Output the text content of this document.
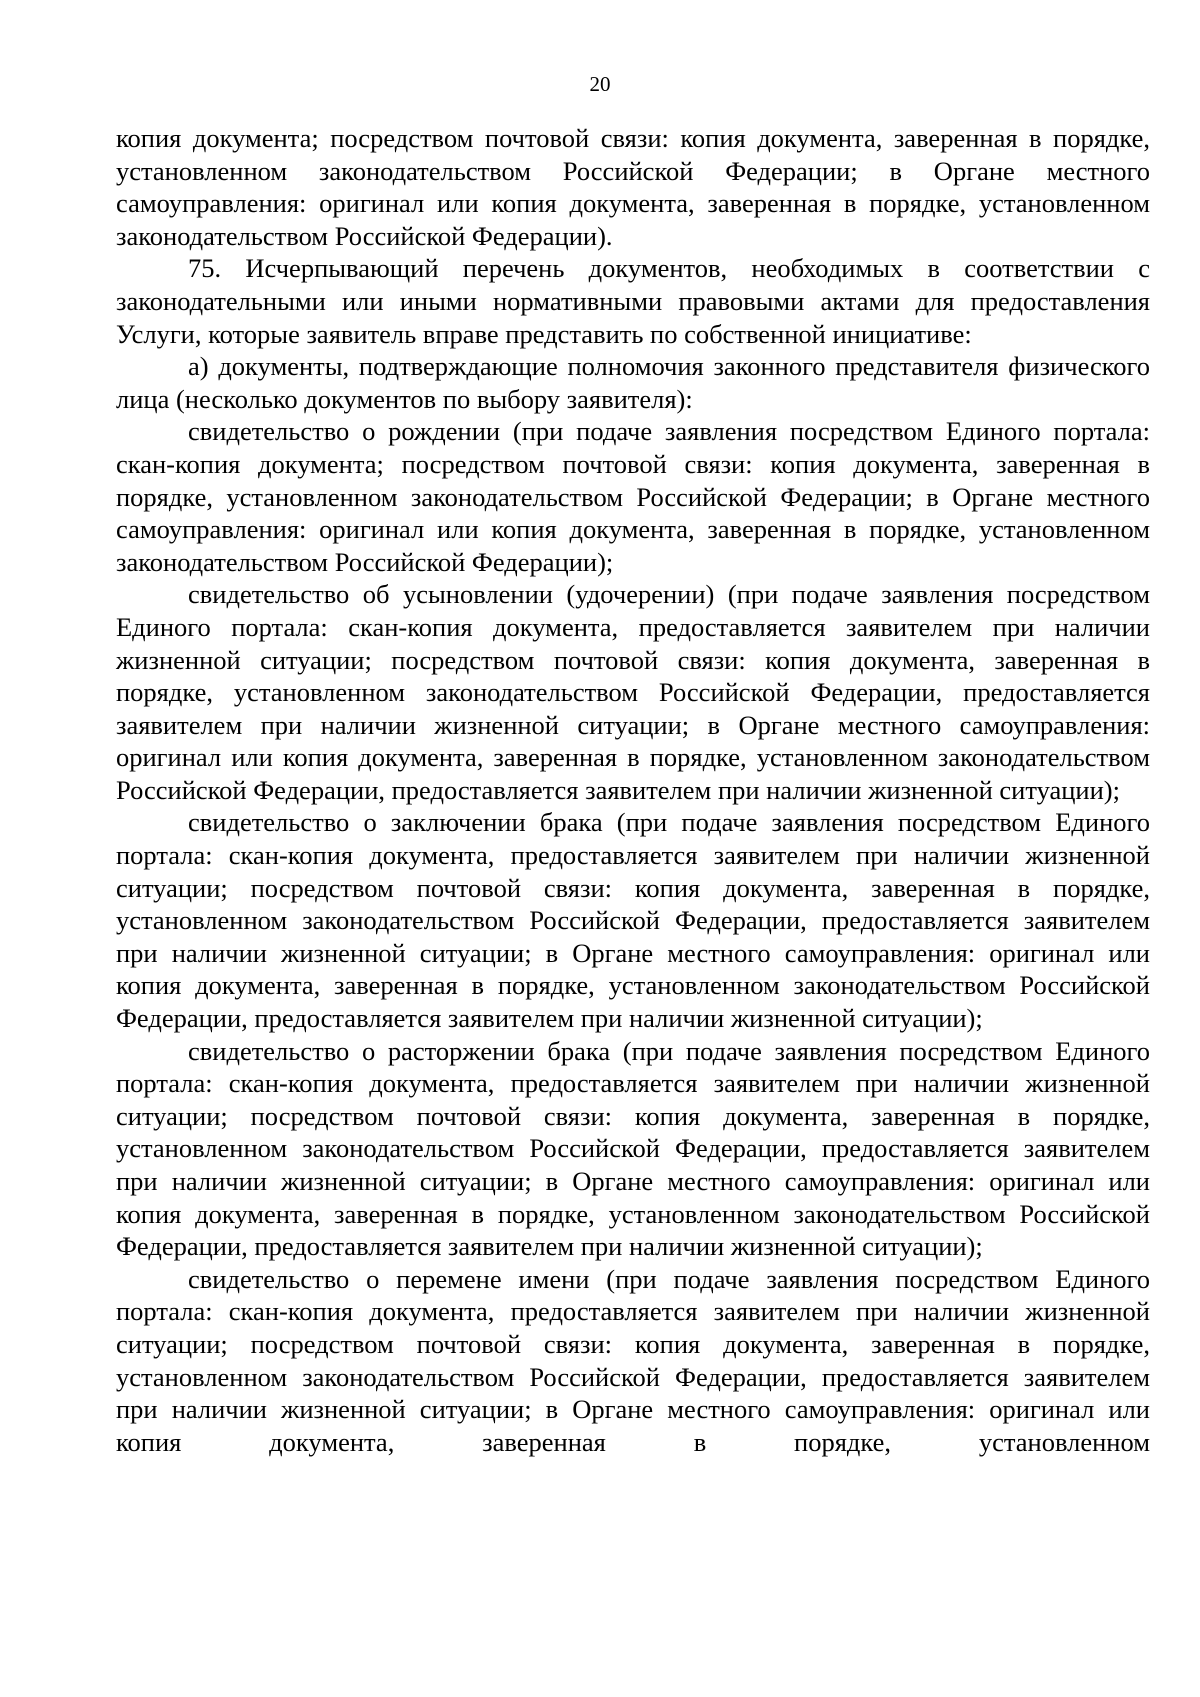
20

копия документа; посредством почтовой связи: копия документа, заверенная в порядке, установленном законодательством Российской Федерации; в Органе местного самоуправления: оригинал или копия документа, заверенная в порядке, установленном законодательством Российской Федерации).

75. Исчерпывающий перечень документов, необходимых в соответствии с законодательными или иными нормативными правовыми актами для предоставления Услуги, которые заявитель вправе представить по собственной инициативе:

а) документы, подтверждающие полномочия законного представителя физического лица (несколько документов по выбору заявителя):

свидетельство о рождении (при подаче заявления посредством Единого портала: скан-копия документа; посредством почтовой связи: копия документа, заверенная в порядке, установленном законодательством Российской Федерации; в Органе местного самоуправления: оригинал или копия документа, заверенная в порядке, установленном законодательством Российской Федерации);

свидетельство об усыновлении (удочерении) (при подаче заявления посредством Единого портала: скан-копия документа, предоставляется заявителем при наличии жизненной ситуации; посредством почтовой связи: копия документа, заверенная в порядке, установленном законодательством Российской Федерации, предоставляется заявителем при наличии жизненной ситуации; в Органе местного самоуправления: оригинал или копия документа, заверенная в порядке, установленном законодательством Российской Федерации, предоставляется заявителем при наличии жизненной ситуации);

свидетельство о заключении брака (при подаче заявления посредством Единого портала: скан-копия документа, предоставляется заявителем при наличии жизненной ситуации; посредством почтовой связи: копия документа, заверенная в порядке, установленном законодательством Российской Федерации, предоставляется заявителем при наличии жизненной ситуации; в Органе местного самоуправления: оригинал или копия документа, заверенная в порядке, установленном законодательством Российской Федерации, предоставляется заявителем при наличии жизненной ситуации);

свидетельство о расторжении брака (при подаче заявления посредством Единого портала: скан-копия документа, предоставляется заявителем при наличии жизненной ситуации; посредством почтовой связи: копия документа, заверенная в порядке, установленном законодательством Российской Федерации, предоставляется заявителем при наличии жизненной ситуации; в Органе местного самоуправления: оригинал или копия документа, заверенная в порядке, установленном законодательством Российской Федерации, предоставляется заявителем при наличии жизненной ситуации);

свидетельство о перемене имени (при подаче заявления посредством Единого портала: скан-копия документа, предоставляется заявителем при наличии жизненной ситуации; посредством почтовой связи: копия документа, заверенная в порядке, установленном законодательством Российской Федерации, предоставляется заявителем при наличии жизненной ситуации; в Органе местного самоуправления: оригинал или копия документа, заверенная в порядке, установленном
